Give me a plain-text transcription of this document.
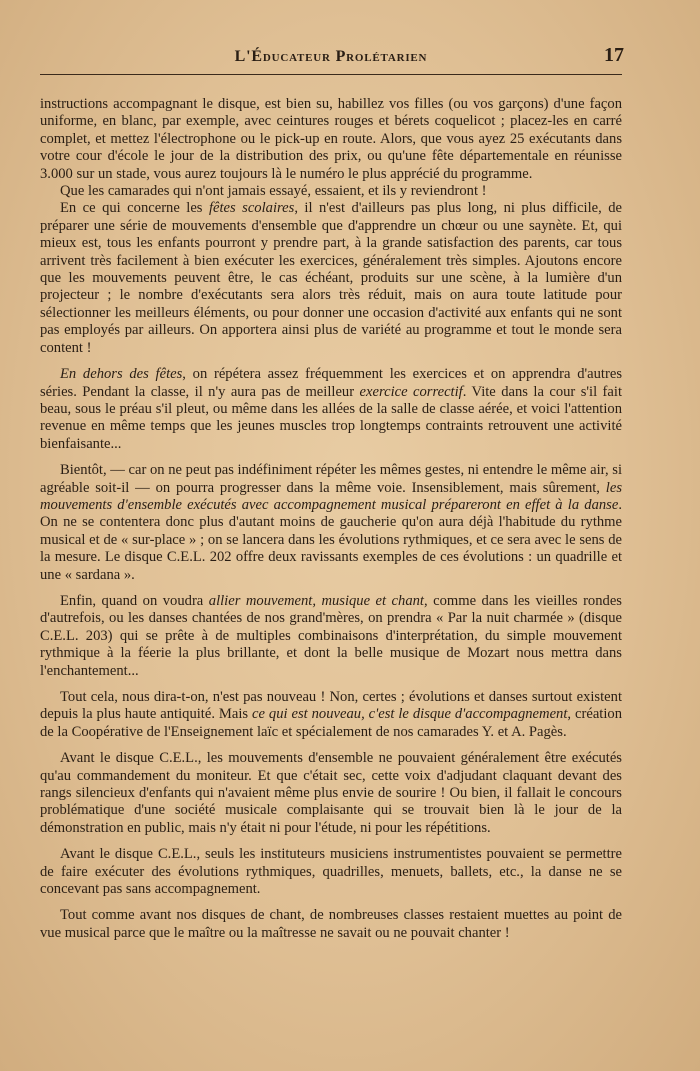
L'Éducateur Prolétarien	17

instructions accompagnant le disque, est bien su, habillez vos filles (ou vos garçons) d'une façon uniforme, en blanc, par exemple, avec ceintures rouges et bérets coquelicot ; placez-les en carré complet, et mettez l'électrophone ou le pick-up en route. Alors, que vous ayez 25 exécutants dans votre cour d'école le jour de la distribution des prix, ou qu'une fête départementale en réunisse 3.000 sur un stade, vous aurez toujours là le numéro le plus apprécié du programme.

Que les camarades qui n'ont jamais essayé, essaient, et ils y reviendront !

En ce qui concerne les fêtes scolaires, il n'est d'ailleurs pas plus long, ni plus difficile, de préparer une série de mouvements d'ensemble que d'apprendre un chœur ou une saynète. Et, qui mieux est, tous les enfants pourront y prendre part, à la grande satisfaction des parents, car tous arrivent très facilement à bien exécuter les exercices, généralement très simples. Ajoutons encore que les mouvements peuvent être, le cas échéant, produits sur une scène, à la lumière d'un projecteur ; le nombre d'exécutants sera alors très réduit, mais on aura toute latitude pour sélectionner les meilleurs éléments, ou pour donner une occasion d'activité aux enfants qui ne sont pas employés par ailleurs. On apportera ainsi plus de variété au programme et tout le monde sera content !

En dehors des fêtes, on répétera assez fréquemment les exercices et on apprendra d'autres séries. Pendant la classe, il n'y aura pas de meilleur exercice correctif. Vite dans la cour s'il fait beau, sous le préau s'il pleut, ou même dans les allées de la salle de classe aérée, et voici l'attention revenue en même temps que les jeunes muscles trop longtemps contraints retrouvent une activité bienfaisante...

Bientôt, — car on ne peut pas indéfiniment répéter les mêmes gestes, ni entendre le même air, si agréable soit-il — on pourra progresser dans la même voie. Insensiblement, mais sûrement, les mouvements d'ensemble exécutés avec accompagnement musical prépareront en effet à la danse. On ne se contentera donc plus d'autant moins de gaucherie qu'on aura déjà l'habitude du rythme musical et de « sur-place » ; on se lancera dans les évolutions rythmiques, et ce sera avec le sens de la mesure. Le disque C.E.L. 202 offre deux ravissants exemples de ces évolutions : un quadrille et une « sardana ».

Enfin, quand on voudra allier mouvement, musique et chant, comme dans les vieilles rondes d'autrefois, ou les danses chantées de nos grand'mères, on prendra « Par la nuit charmée » (disque C.E.L. 203) qui se prête à de multiples combinaisons d'interprétation, du simple mouvement rythmique à la féerie la plus brillante, et dont la belle musique de Mozart nous mettra dans l'enchantement...

Tout cela, nous dira-t-on, n'est pas nouveau ! Non, certes ; évolutions et danses surtout existent depuis la plus haute antiquité. Mais ce qui est nouveau, c'est le disque d'accompagnement, création de la Coopérative de l'Enseignement laïc et spécialement de nos camarades Y. et A. Pagès.

Avant le disque C.E.L., les mouvements d'ensemble ne pouvaient généralement être exécutés qu'au commandement du moniteur. Et que c'était sec, cette voix d'adjudant claquant devant des rangs silencieux d'enfants qui n'avaient même plus envie de sourire ! Ou bien, il fallait le concours problématique d'une société musicale complaisante qui se trouvait bien là le jour de la démonstration en public, mais n'y était ni pour l'étude, ni pour les répétitions.

Avant le disque C.E.L., seuls les instituteurs musiciens instrumentistes pouvaient se permettre de faire exécuter des évolutions rythmiques, quadrilles, menuets, ballets, etc., la danse ne se concevant pas sans accompagnement.

Tout comme avant nos disques de chant, de nombreuses classes restaient muettes au point de vue musical parce que le maître ou la maîtresse ne savait ou ne pouvait chanter !
